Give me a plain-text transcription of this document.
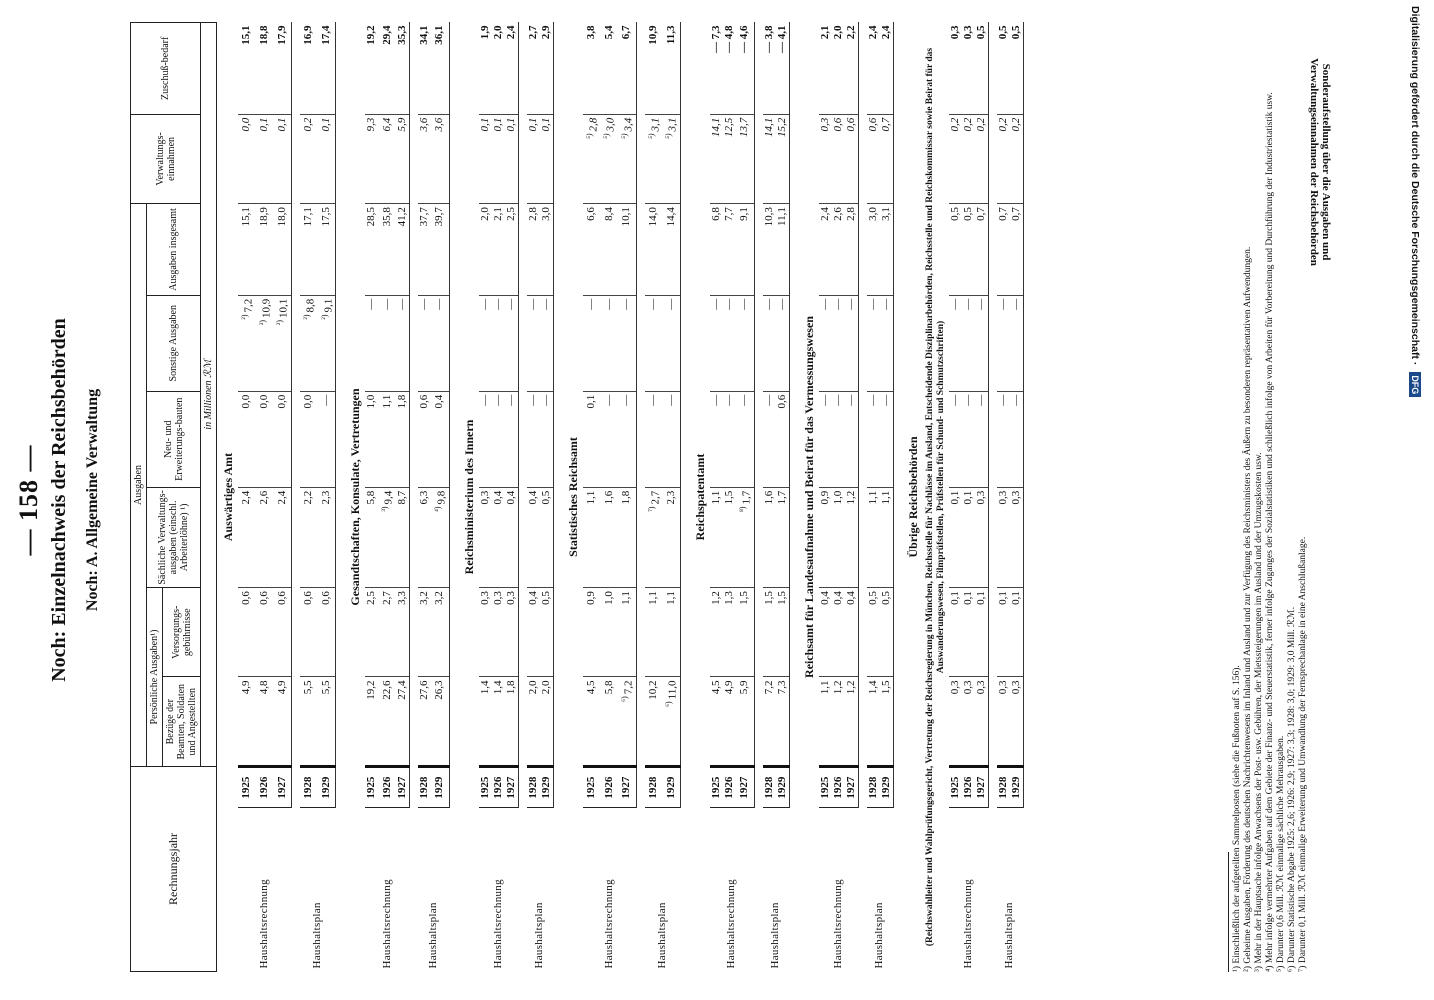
— 158 — Noch: Einzelnachweis der Reichsbehörden Noch: A. Allgemeine Verwaltung
Rechnungsjahr		Ausgaben						Verwaltungs-einnahmen	Zuschuß-bedarf
		Persönliche Ausgaben¹)		Sächliche Verwaltungs-ausgaben (einschl. Arbeiterlöhne) ¹)	Neu- und Erweiterungs-bauten	Sonstige Ausgaben	Ausgaben insgesamt		
		Bezüge der Beamten, Soldaten und Angestellten	Versorgungs-gebührnisse						
		in Millionen ℛℳ							
Auswärtiges Amt									
Haushaltsrechnung	1925	4,9	0,6	2,4	0,0	$^{^2)}$7,2	15,1	0,0	15,1
	1926	4,8	0,6	2,6	0,0	$^{^2)}$10,9	18,9	0,1	18,8
	1927	4,9	0,6	2,4	0,0	$^{^2)}$10,1	18,0	0,1	17,9

Haushaltsplan	1928	5,5	0,6	2,2	0,0	$^{^2)}$8,8	17,1	0,2	16,9
	1929	5,5	0,6	2,3	—	$^{^2)}$9,1	17,5	0,1	17,4

Gesandtschaften, Konsulate, Vertretungen									
Haushaltsrechnung	1925	19,2	2,5	5,8	1,0	—	28,5	9,3	19,2
	1926	22,6	2,7	$^{^3)}$9,4	1,1	—	35,8	6,4	29,4
	1927	27,4	3,3	8,7	1,8	—	41,2	5,9	35,3

Haushaltsplan	1928	27,6	3,2	6,3	0,6	—	37,7	3,6	34,1
	1929	26,3	3,2	$^{^4)}$9,8	0,4	—	39,7	3,6	36,1

Reichsministerium des Innern									
Haushaltsrechnung	1925	1,4	0,3	0,3	—	—	2,0	0,1	1,9
	1926	1,4	0,3	0,4	—	—	2,1	0,1	2,0
	1927	1,8	0,3	0,4	—	—	2,5	0,1	2,4

Haushaltsplan	1928	2,0	0,4	0,4	—	—	2,8	0,1	2,7
	1929	2,0	0,5	0,5	—	—	3,0	0,1	2,9

Statistisches Reichsamt									
Haushaltsrechnung	1925	4,5	0,9	1,1	0,1	—	6,6	$^{^5)}$2,8	3,8
	1926	5,8	1,0	1,6	—	—	8,4	$^{^5)}$3,0	5,4
	1927	$^{^6)}$7,2	1,1	1,8	—	—	10,1	$^{^5)}$3,4	6,7

Haushaltsplan	1928	10,2	1,1	$^{^7)}$2,7	—	—	14,0	$^{^5)}$3,1	10,9
	1929	$^{^6)}$11,0	1,1	2,3	—	—	14,4	$^{^5)}$3,1	11,3

Reichspatentamt									
Haushaltsrechnung	1925	4,5	1,2	1,1	—	—	6,8	14,1	— 7,3
	1926	4,9	1,3	1,5	—	—	7,7	12,5	— 4,8
	1927	5,9	1,5	$^{^8)}$1,7	—	—	9,1	13,7	— 4,6

Haushaltsplan	1928	7,2	1,5	1,6	—	—	10,3	14,1	— 3,8
	1929	7,3	1,5	1,7	0,6	—	11,1	15,2	— 4,1

Reichsamt für Landesaufnahme und Beirat für das Vermessungswesen									
Haushaltsrechnung	1925	1,1	0,4	0,9	—	—	2,4	0,3	2,1
	1926	1,2	0,4	1,0	—	—	2,6	0,6	2,0
	1927	1,2	0,4	1,2	—	—	2,8	0,6	2,2

Haushaltsplan	1928	1,4	0,5	1,1	—	—	3,0	0,6	2,4
	1929	1,5	0,5	1,1	—	—	3,1	0,7	2,4

Übrige Reichsbehörden									
(Reichswahlleiter und Wahlprüfungsgericht, Vertretung der Reichsregierung in München, Reichsstelle für Nachlässe im Ausland, Entscheidende Disziplinarbehörden, Reichsstelle und Reichskommissar sowie Beirat für das Auswanderungswesen, Filmprüfstellen, Prüfstellen für Schund- und Schmutzschriften)									
Haushaltsrechnung	1925	0,3	0,1	0,1	—	—	0,5	0,2	0,3
	1926	0,3	0,1	0,1	—	—	0,5	0,2	0,3
	1927	0,3	0,1	0,3	—	—	0,7	0,2	0,5

Haushaltsplan	1928	0,3	0,1	0,3	—	—	0,7	0,2	0,5
	1929	0,3	0,1	0,3	—	—	0,7	0,2	0,5

¹) Einschließlich der aufgeteilten Sammelposten (siehe die Fußnoten auf S. 156). ²) Geheime Ausgaben, Förderung des deutschen Nachrichtenwesens im Inland und Ausland und zur Verfügung des Reichsministers des Äußern zu besonderen repräsentativen Aufwendungen. ³) Mehr in der Hauptsache infolge Anwachsens der Post- usw. Gebühren, der Mietssteigerungen im Ausland und der Umzugskosten usw. ⁴) Mehr infolge vermehrter Aufgaben auf dem Gebiete der Finanz- und Steuerstatistik, ferner infolge Zuganges der Sozialstatistiken und schließlich infolge von Arbeiten für Vorbereitung und Durchführung der Industriestatistik usw. ⁵) Darunter 0,6 Mill. ℛℳ einmalige sächliche Mehrausgaben. ⁶) Darunter Statistische Abgabe 1925: 2,6; 1926: 2,9; 1927: 3,3; 1928: 3,0; 1929: 3,0 Mill. ℛℳ. ⁷) Darunter 0,1 Mill. ℛℳ einmalige Erweiterung und Umwandlung der Fernsprechanlage in eine Anschlußanlage.
Sonderaufstellung über die Ausgaben und Verwaltungseinnahmen der Reichsbehörden	Digitalisierung gefördert durch die Deutsche Forschungsgemeinschaft · DFG
